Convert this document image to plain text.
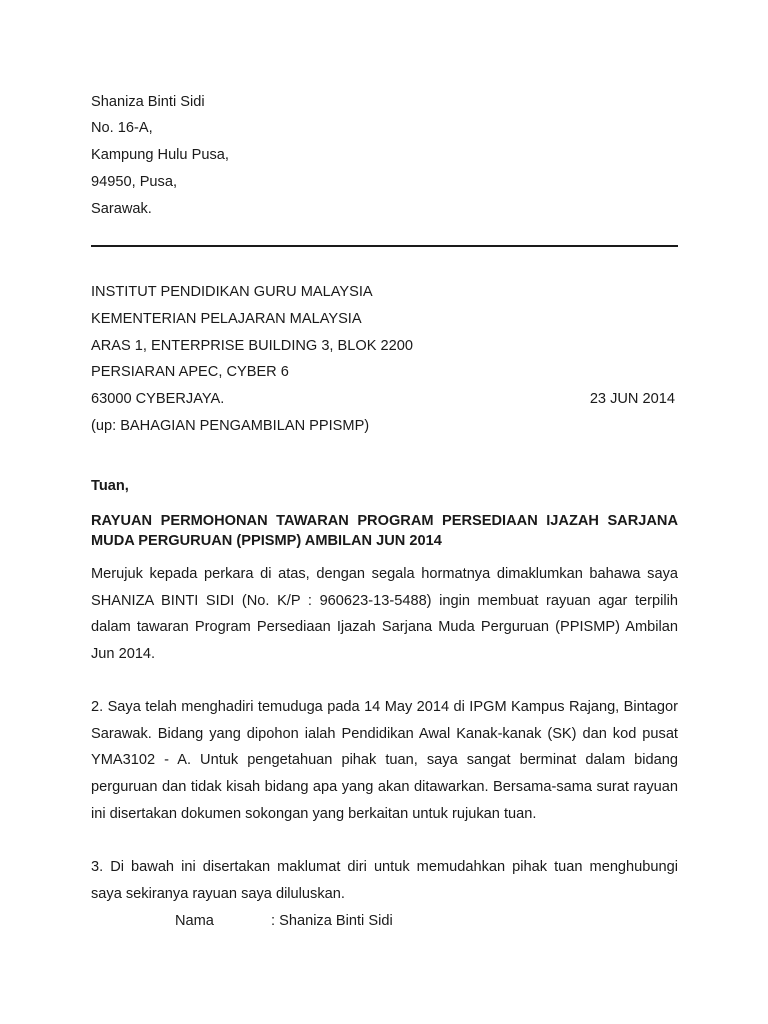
Shaniza Binti Sidi
No. 16-A,
Kampung Hulu Pusa,
94950, Pusa,
Sarawak.
INSTITUT PENDIDIKAN GURU MALAYSIA
KEMENTERIAN PELAJARAN MALAYSIA
ARAS 1, ENTERPRISE BUILDING 3, BLOK 2200
PERSIARAN APEC, CYBER 6
63000 CYBERJAYA.	23 JUN 2014
(up: BAHAGIAN PENGAMBILAN PPISMP)
Tuan,
RAYUAN PERMOHONAN TAWARAN PROGRAM PERSEDIAAN IJAZAH SARJANA MUDA PERGURUAN (PPISMP) AMBILAN JUN 2014
Merujuk kepada perkara di atas, dengan segala hormatnya dimaklumkan bahawa saya SHANIZA BINTI SIDI (No. K/P : 960623-13-5488) ingin membuat rayuan agar terpilih dalam tawaran Program Persediaan Ijazah Sarjana Muda Perguruan (PPISMP) Ambilan Jun 2014.
2. Saya telah menghadiri temuduga pada 14 May 2014 di IPGM Kampus Rajang, Bintagor Sarawak. Bidang yang dipohon ialah Pendidikan Awal Kanak-kanak (SK) dan kod pusat YMA3102 - A. Untuk pengetahuan pihak tuan, saya sangat berminat dalam bidang perguruan dan tidak kisah bidang apa yang akan ditawarkan. Bersama-sama surat rayuan ini disertakan dokumen sokongan yang berkaitan untuk rujukan tuan.
3. Di bawah ini disertakan maklumat diri untuk memudahkan pihak tuan menghubungi saya sekiranya rayuan saya diluluskan.
Nama	: Shaniza Binti Sidi
